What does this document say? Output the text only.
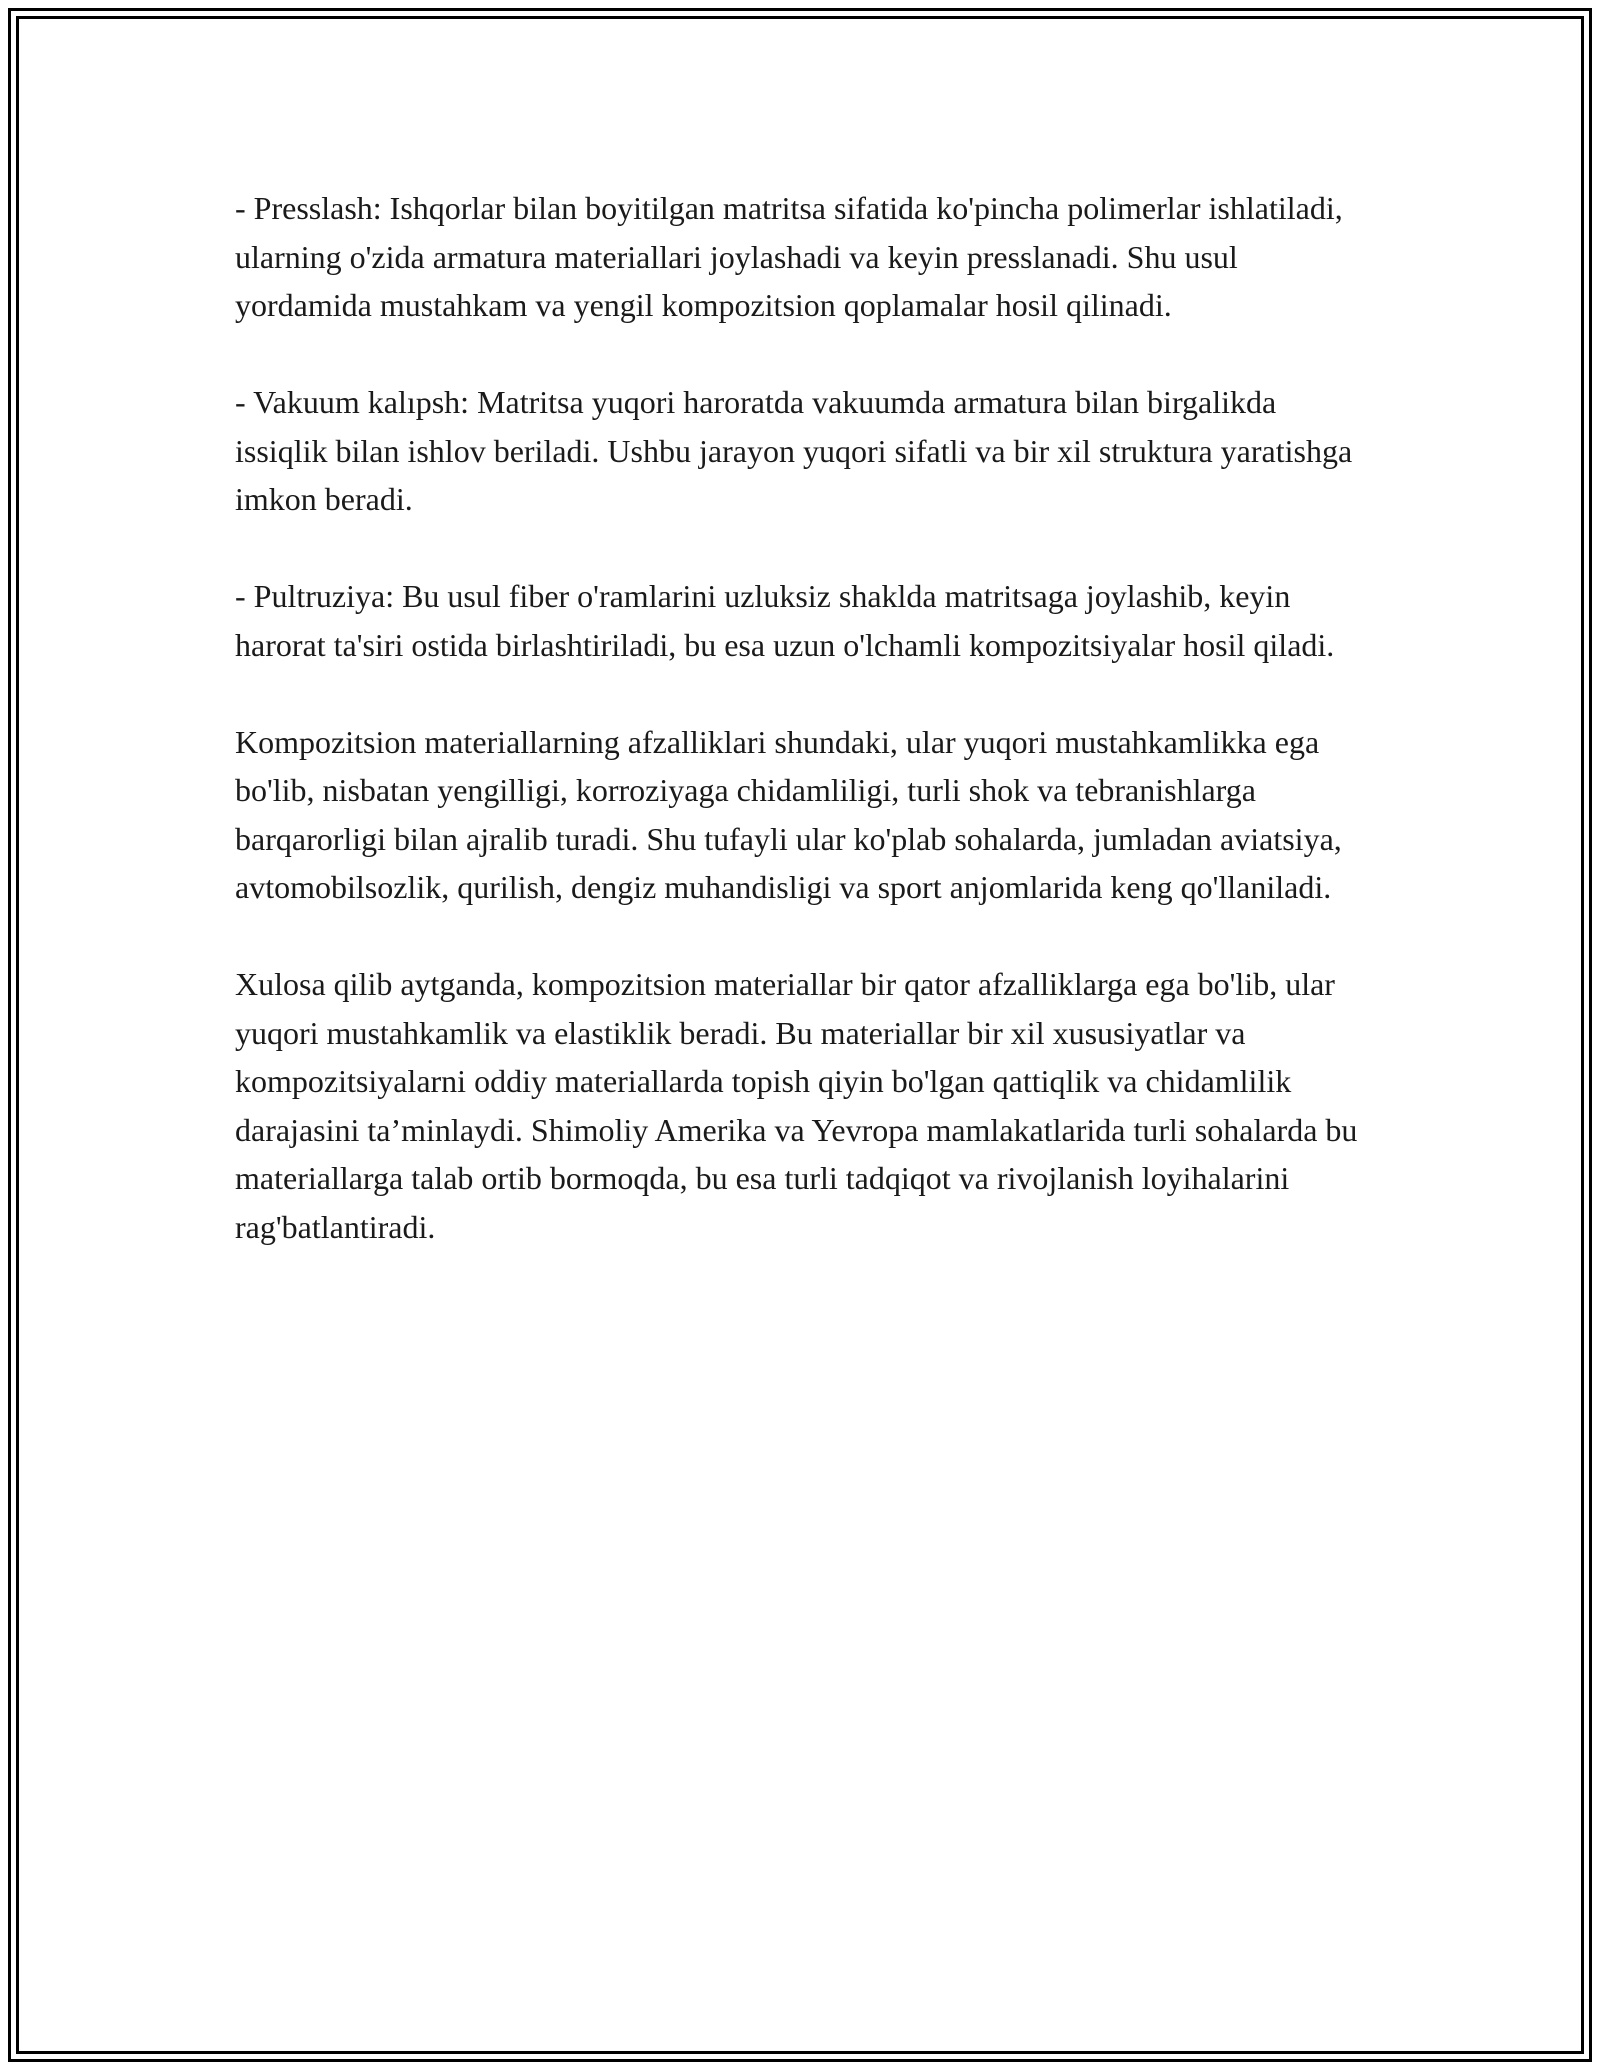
- Presslash: Ishqorlar bilan boyitilgan matritsa sifatida ko'pincha polimerlar ishlatiladi, ularning o'zida armatura materiallari joylashadi va keyin presslanadi. Shu usul yordamida mustahkam va yengil kompozitsion qoplamalar hosil qilinadi.

- Vakuum kalıpsh: Matritsa yuqori haroratda vakuumda armatura bilan birgalikda issiqlik bilan ishlov beriladi. Ushbu jarayon yuqori sifatli va bir xil struktura yaratishga imkon beradi.

- Pultruziya: Bu usul fiber o'ramlarini uzluksiz shakldа matritsaga joylashib, keyin harorat ta'siri ostida birlashtiriladi, bu esa uzun o'lchamli kompozitsiyalar hosil qiladi.

Kompozitsion materiallarning afzalliklari shundaki, ular yuqori mustahkamlikka ega bo'lib, nisbatan yengilligi, korroziyaga chidamliligi, turli shok va tebranishlarga barqarorligi bilan ajralib turadi. Shu tufayli ular ko'plab sohalarda, jumladan aviatsiya, avtomobilsozlik, qurilish, dengiz muhandisligi va sport anjomlarida keng qo'llaniladi.

Xulosa qilib aytganda, kompozitsion materiallar bir qator afzalliklarga ega bo'lib, ular yuqori mustahkamlik va elastiklik beradi. Bu materiallar bir xil xususiyatlar va kompozitsiyalarni oddiy materiallarda topish qiyin bo'lgan qattiqlik va chidamlilik darajasini ta’minlaydi. Shimoliy Amerika va Yevropa mamlakatlarida turli sohalarda bu materiallarga talab ortib bormoqda, bu esa turli tadqiqot va rivojlanish loyihalarini rag'batlantiradi.
